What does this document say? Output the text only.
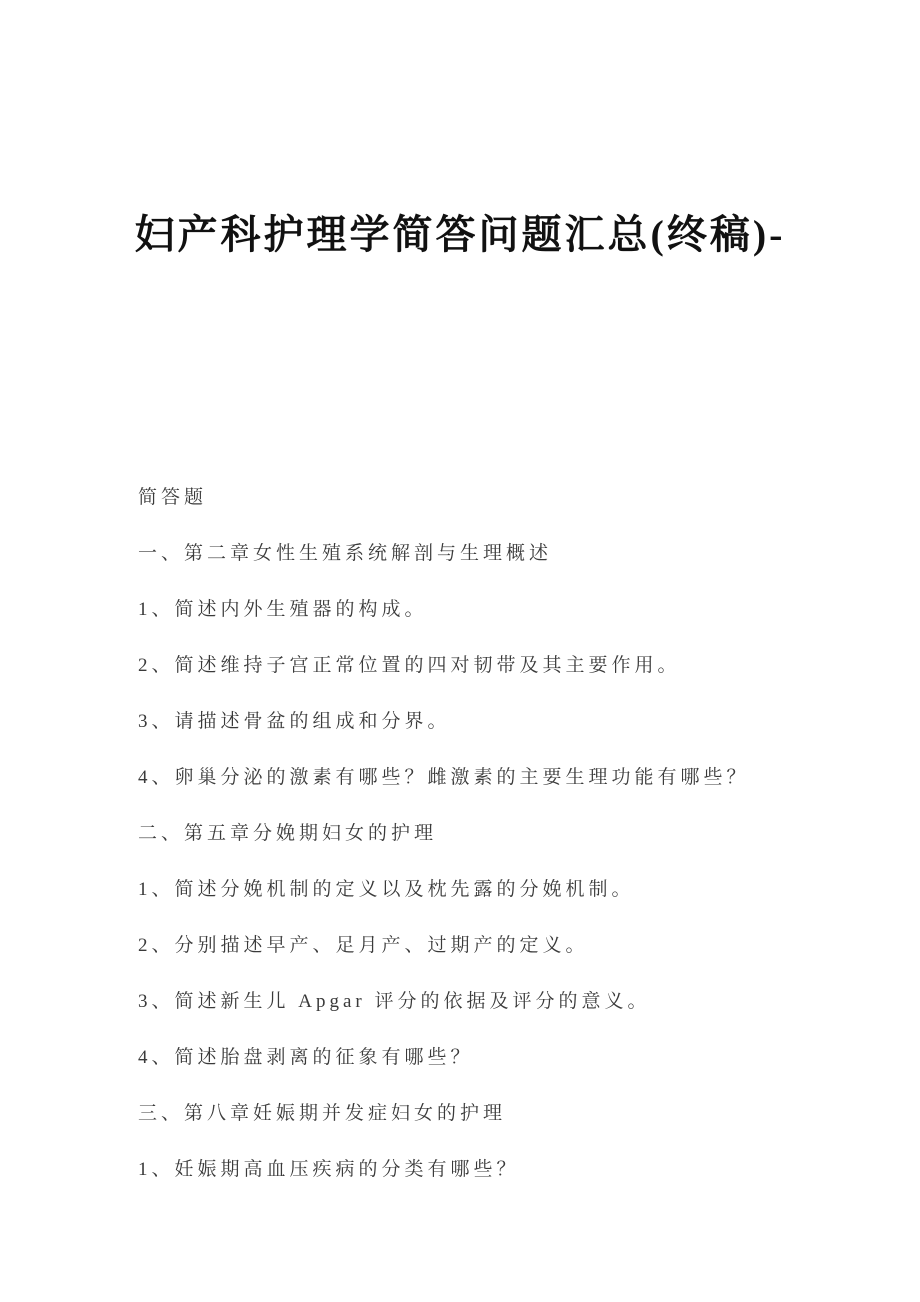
妇产科护理学简答问题汇总(终稿)-

简答题

一、第二章女性生殖系统解剖与生理概述

1、简述内外生殖器的构成。

2、简述维持子宫正常位置的四对韧带及其主要作用。

3、请描述骨盆的组成和分界。

4、卵巢分泌的激素有哪些？雌激素的主要生理功能有哪些？

二、第五章分娩期妇女的护理

1、简述分娩机制的定义以及枕先露的分娩机制。

2、分别描述早产、足月产、过期产的定义。

3、简述新生儿 Apgar 评分的依据及评分的意义。

4、简述胎盘剥离的征象有哪些？

三、第八章妊娠期并发症妇女的护理

1、妊娠期高血压疾病的分类有哪些？
